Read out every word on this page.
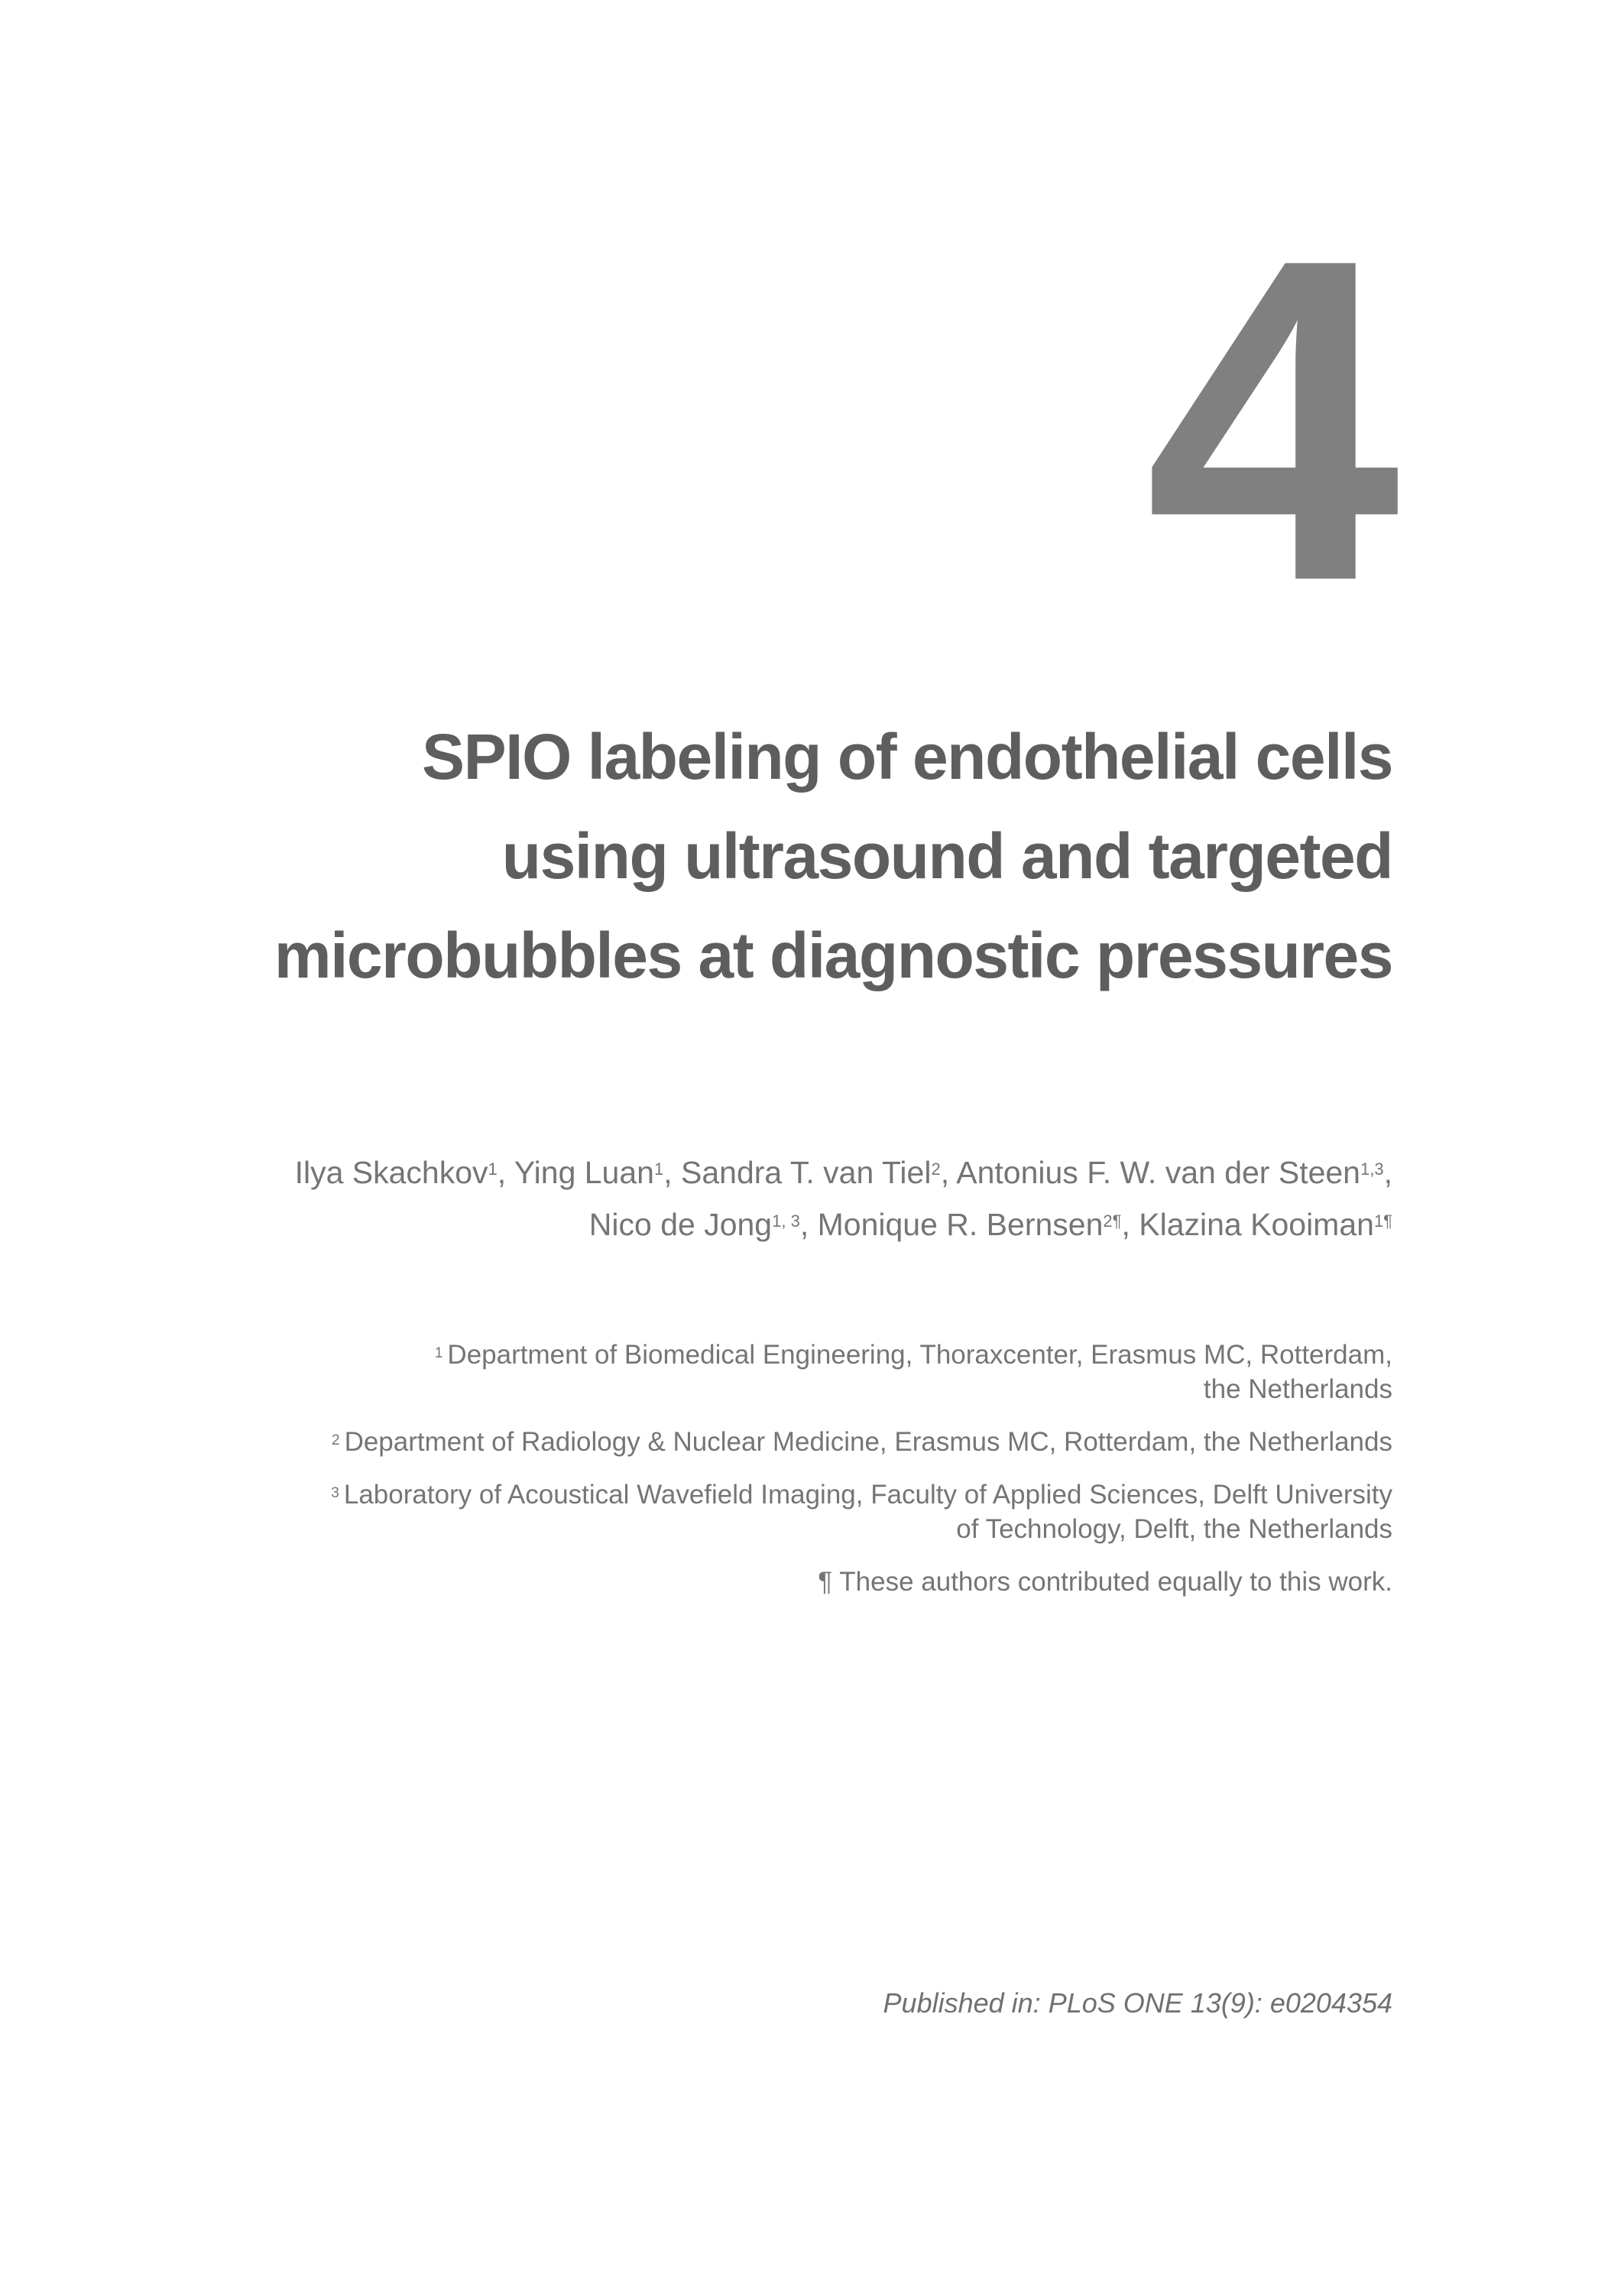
4
SPIO labeling of endothelial cells
using ultrasound and targeted
microbubbles at diagnostic pressures
Ilya Skachkov$^1$, Ying Luan$^1$, Sandra T. van Tiel$^2$, Antonius F. W. van der Steen$^{1,3}$,
Nico de Jong$^{1, 3}$, Monique R. Bernsen$^{2\P}$, Klazina Kooiman$^{1\P}$
$^1$ Department of Biomedical Engineering, Thoraxcenter, Erasmus MC, Rotterdam,
the Netherlands
$^2$ Department of Radiology & Nuclear Medicine, Erasmus MC, Rotterdam, the Netherlands
$^3$ Laboratory of Acoustical Wavefield Imaging, Faculty of Applied Sciences, Delft University
of Technology, Delft, the Netherlands
¶ These authors contributed equally to this work.
Published in: PLoS ONE 13(9): e0204354
